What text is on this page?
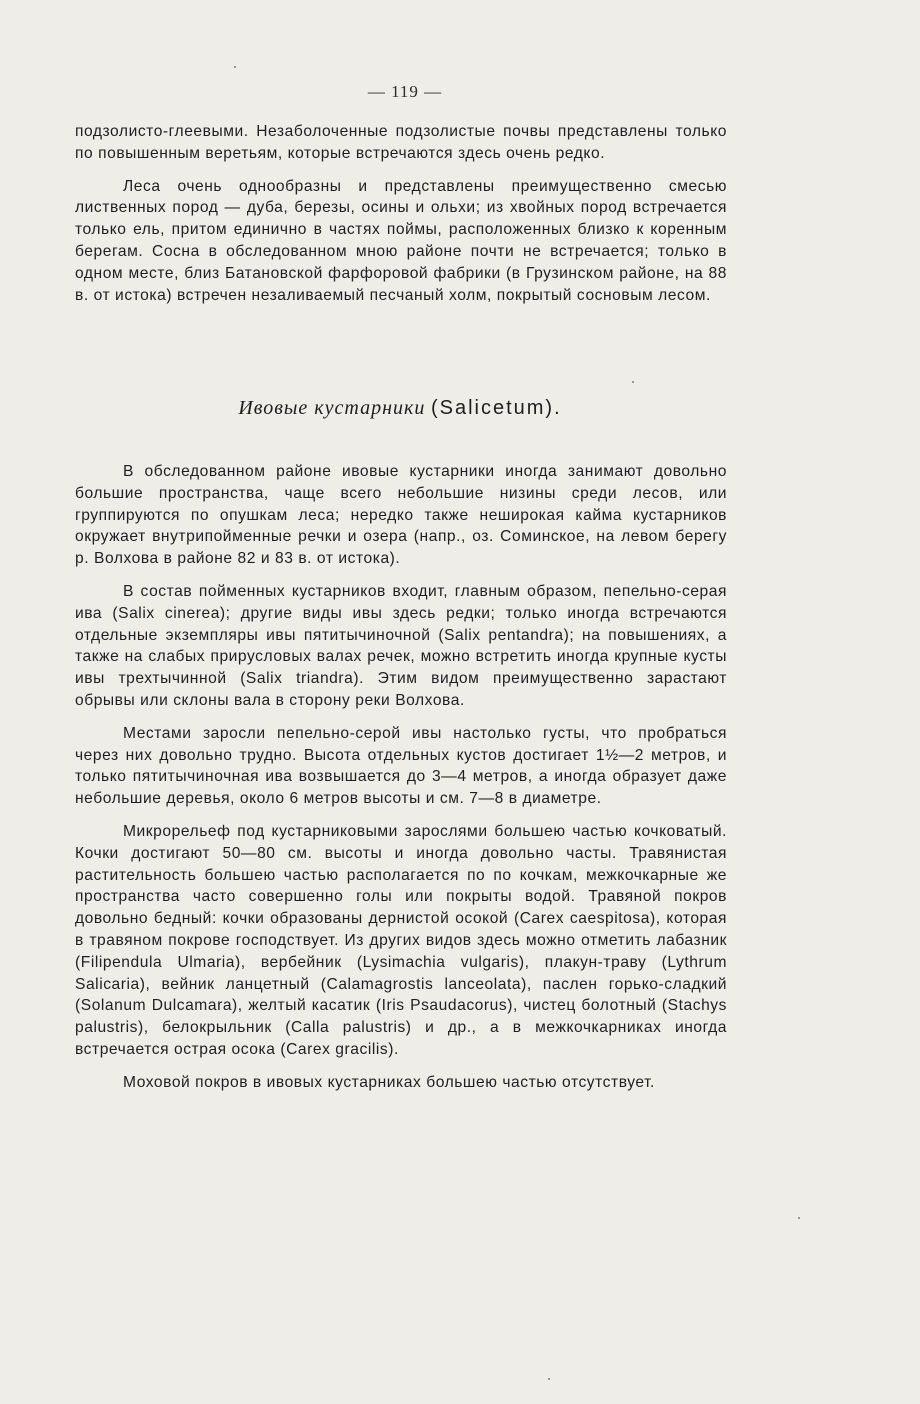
— 119 —

подзолисто-глеевыми. Незаболоченные подзолистые почвы представлены только по повышенным веретьям, которые встречаются здесь очень редко.

Леса очень однообразны и представлены преимущественно смесью лиственных пород — дуба, березы, осины и ольхи; из хвойных пород встречается только ель, притом единично в частях поймы, расположенных близко к коренным берегам. Сосна в обследованном мною районе почти не встречается; только в одном месте, близ Батановской фарфоровой фабрики (в Грузинском районе, на 88 в. от истока) встречен незаливаемый песчаный холм, покрытый сосновым лесом.

Ивовые кустарники (Salicetum).

В обследованном районе ивовые кустарники иногда занимают довольно большие пространства, чаще всего небольшие низины среди лесов, или группируются по опушкам леса; нередко также неширокая кайма кустарников окружает внутрипойменные речки и озера (напр., оз. Соминское, на левом берегу р. Волхова в районе 82 и 83 в. от истока).

В состав пойменных кустарников входит, главным образом, пепельно-серая ива (Salix cinerea); другие виды ивы здесь редки; только иногда встречаются отдельные экземпляры ивы пятитычиночной (Salix pentandra); на повышениях, а также на слабых прирусловых валах речек, можно встретить иногда крупные кусты ивы трехтычинной (Salix triandra). Этим видом преимущественно зарастают обрывы или склоны вала в сторону реки Волхова.

Местами заросли пепельно-серой ивы настолько густы, что пробраться через них довольно трудно. Высота отдельных кустов достигает 1½—2 метров, и только пятитычиночная ива возвышается до 3—4 метров, а иногда образует даже небольшие деревья, около 6 метров высоты и см. 7—8 в диаметре.

Микрорельеф под кустарниковыми зарослями большею частью кочковатый. Кочки достигают 50—80 см. высоты и иногда довольно часты. Травянистая растительность большею частью располагается по по кочкам, межкочкарные же пространства часто совершенно голы или покрыты водой. Травяной покров довольно бедный: кочки образованы дернистой осокой (Carex caespitosa), которая в травяном покрове господствует. Из других видов здесь можно отметить лабазник (Filipendula Ulmaria), вербейник (Lysimachia vulgaris), плакун-траву (Lythrum Salicaria), вейник ланцетный (Calamagrostis lanceolata), паслен горько-сладкий (Solanum Dulcamara), желтый касатик (Iris Psaudacorus), чистец болотный (Stachys palustris), белокрыльник (Calla palustris) и др., а в межкочкарниках иногда встречается острая осока (Carex gracilis).

Моховой покров в ивовых кустарниках большею частью отсутствует.
